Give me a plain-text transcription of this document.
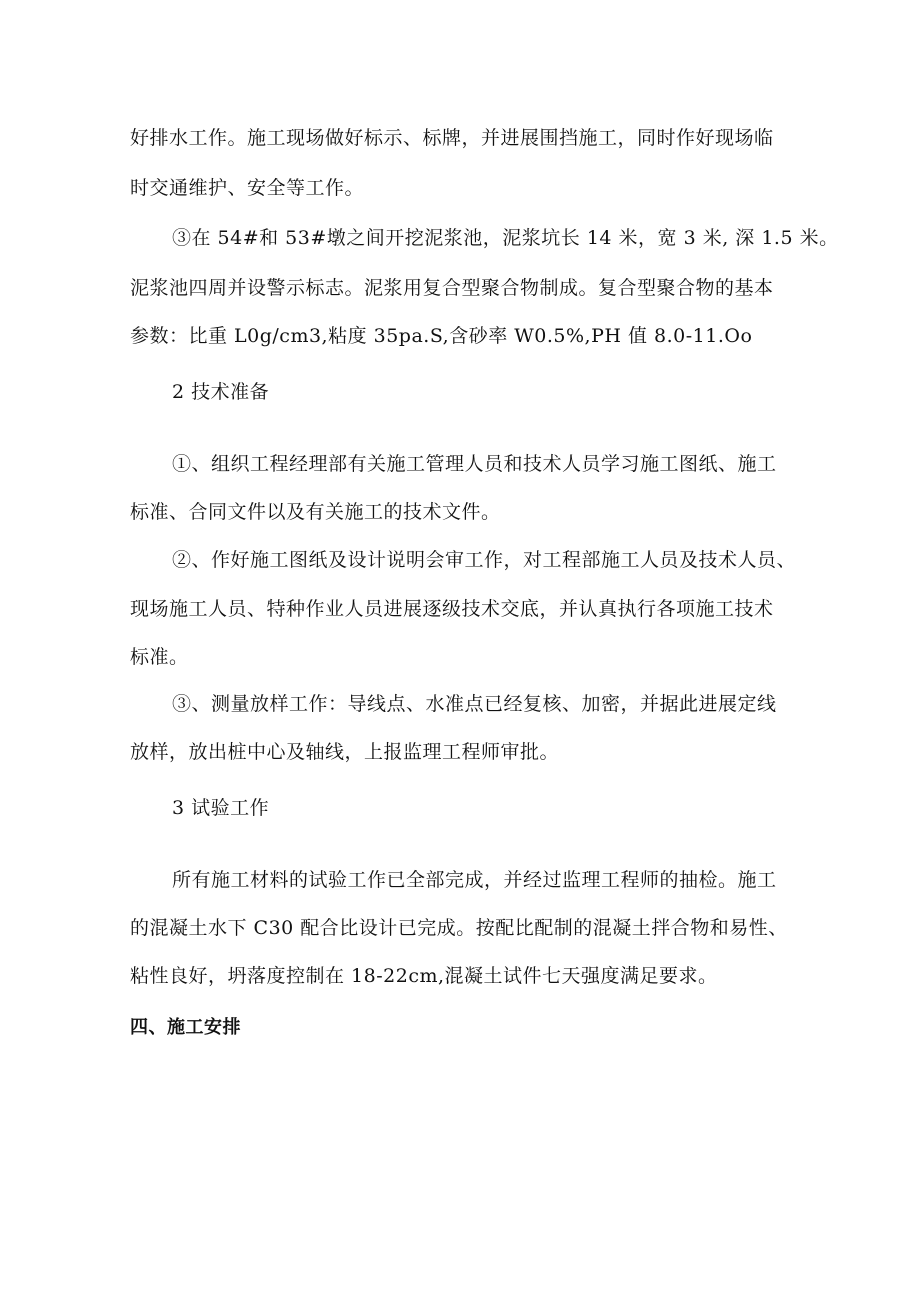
好排水工作。施工现场做好标示、标牌，并进展围挡施工，同时作好现场临
时交通维护、安全等工作。
③在 54#和 53#墩之间开挖泥浆池，泥浆坑长 14 米，宽 3 米, 深 1.5 米。
泥浆池四周并设警示标志。泥浆用复合型聚合物制成。复合型聚合物的基本
参数：比重 L0g∕cm3,粘度 35pa.S,含砂率 W0.5%,PH 值 8.0-11.Oo
2 技术准备
①、组织工程经理部有关施工管理人员和技术人员学习施工图纸、施工
标准、合同文件以及有关施工的技术文件。
②、作好施工图纸及设计说明会审工作，对工程部施工人员及技术人员、
现场施工人员、特种作业人员进展逐级技术交底，并认真执行各项施工技术
标准。
③、测量放样工作：导线点、水准点已经复核、加密，并据此进展定线
放样，放出桩中心及轴线，上报监理工程师审批。
3 试验工作
所有施工材料的试验工作已全部完成，并经过监理工程师的抽检。施工
的混凝土水下 C30 配合比设计已完成。按配比配制的混凝土拌合物和易性、
粘性良好，坍落度控制在 18-22cm,混凝土试件七天强度满足要求。
四、施工安排
